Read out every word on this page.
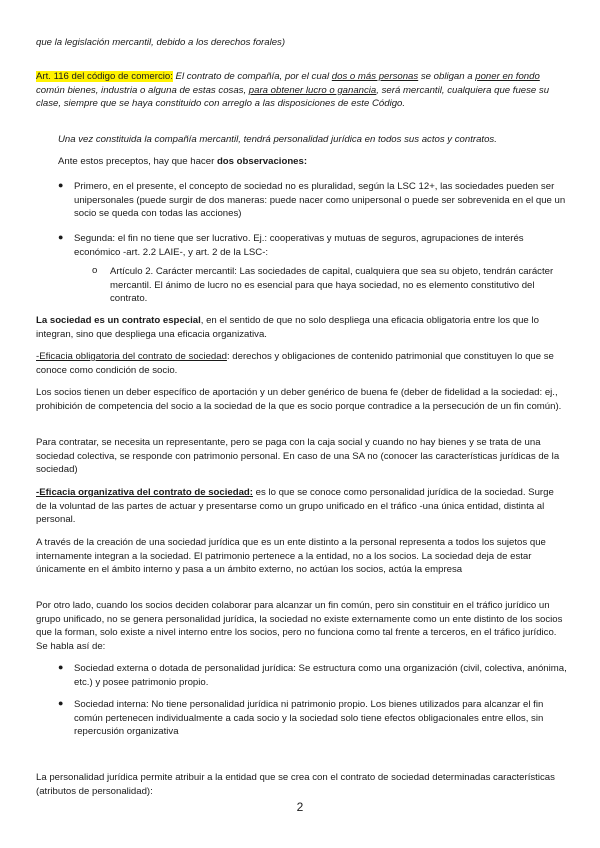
que la legislación mercantil, debido a los derechos forales)
Art. 116 del código de comercio: El contrato de compañía, por el cual dos o más personas se obligan a poner en fondo común bienes, industria o alguna de estas cosas, para obtener lucro o ganancia, será mercantil, cualquiera que fuese su clase, siempre que se haya constituido con arreglo a las disposiciones de este Código.
Una vez constituida la compañía mercantil, tendrá personalidad jurídica en todos sus actos y contratos.
Ante estos preceptos, hay que hacer dos observaciones:
● Primero, en el presente, el concepto de sociedad no es pluralidad, según la LSC 12+, las sociedades pueden ser unipersonales (puede surgir de dos maneras: puede nacer como unipersonal o puede ser sobrevenida en el que un socio se queda con todas las acciones)
● Segunda: el fin no tiene que ser lucrativo. Ej.: cooperativas y mutuas de seguros, agrupaciones de interés económico -art. 2.2 LAIE-, y art. 2 de la LSC-:
o Artículo 2. Carácter mercantil: Las sociedades de capital, cualquiera que sea su objeto, tendrán carácter mercantil. El ánimo de lucro no es esencial para que haya sociedad, no es elemento constitutivo del contrato.
La sociedad es un contrato especial, en el sentido de que no solo despliega una eficacia obligatoria entre los que lo integran, sino que despliega una eficacia organizativa.
-Eficacia obligatoria del contrato de sociedad: derechos y obligaciones de contenido patrimonial que constituyen lo que se conoce como condición de socio.
Los socios tienen un deber específico de aportación y un deber genérico de buena fe (deber de fidelidad a la sociedad: ej., prohibición de competencia del socio a la sociedad de la que es socio porque contradice a la persecución de un fin común).
Para contratar, se necesita un representante, pero se paga con la caja social y cuando no hay bienes y se trata de una sociedad colectiva, se responde con patrimonio personal. En caso de una SA no (conocer las características jurídicas de la sociedad)
-Eficacia organizativa del contrato de sociedad: es lo que se conoce como personalidad jurídica de la sociedad. Surge de la voluntad de las partes de actuar y presentarse como un grupo unificado en el tráfico -una única entidad, distinta al personal.
A través de la creación de una sociedad jurídica que es un ente distinto a la personal representa a todos los sujetos que internamente integran a la sociedad. El patrimonio pertenece a la entidad, no a los socios. La sociedad deja de estar únicamente en el ámbito interno y pasa a un ámbito externo, no actúan los socios, actúa la empresa
Por otro lado, cuando los socios deciden colaborar para alcanzar un fin común, pero sin constituir en el tráfico jurídico un grupo unificado, no se genera personalidad jurídica, la sociedad no existe externamente como un ente distinto de los socios que la forman, solo existe a nivel interno entre los socios, pero no funciona como tal frente a terceros, en el tráfico jurídico. Se habla así de:
● Sociedad externa o dotada de personalidad jurídica: Se estructura como una organización (civil, colectiva, anónima, etc.) y posee patrimonio propio.
● Sociedad interna: No tiene personalidad jurídica ni patrimonio propio. Los bienes utilizados para alcanzar el fin común pertenecen individualmente a cada socio y la sociedad solo tiene efectos obligacionales entre ellos, sin repercusión organizativa
La personalidad jurídica permite atribuir a la entidad que se crea con el contrato de sociedad determinadas características (atributos de personalidad):
2
